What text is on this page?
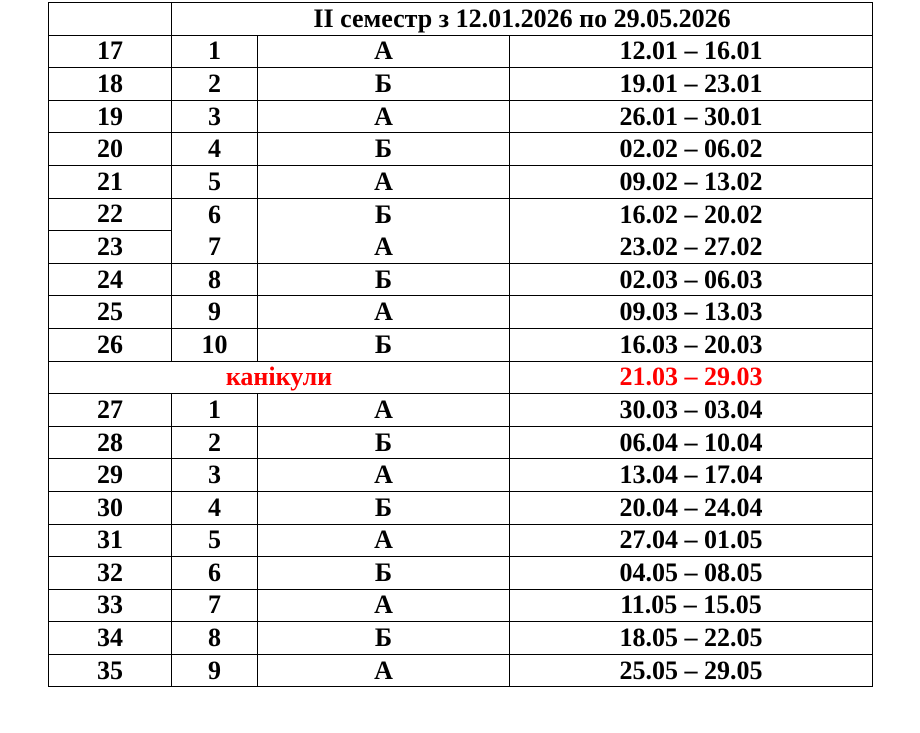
	ІІ семестр з 12.01.2026 по 29.05.2026		
17	1	А	12.01 – 16.01
18	2	Б	19.01 – 23.01
19	3	А	26.01 – 30.01
20	4	Б	02.02 – 06.02
21	5	А	09.02 – 13.02
22	6	Б	16.02 – 20.02
23	7	А	23.02 – 27.02
24	8	Б	02.03 – 06.03
25	9	А	09.03 – 13.03
26	10	Б	16.03 – 20.03
канікули			21.03 – 29.03
27	1	А	30.03 – 03.04
28	2	Б	06.04 – 10.04
29	3	А	13.04 – 17.04
30	4	Б	20.04 – 24.04
31	5	А	27.04 – 01.05
32	6	Б	04.05 – 08.05
33	7	А	11.05 – 15.05
34	8	Б	18.05 – 22.05
35	9	А	25.05 – 29.05
